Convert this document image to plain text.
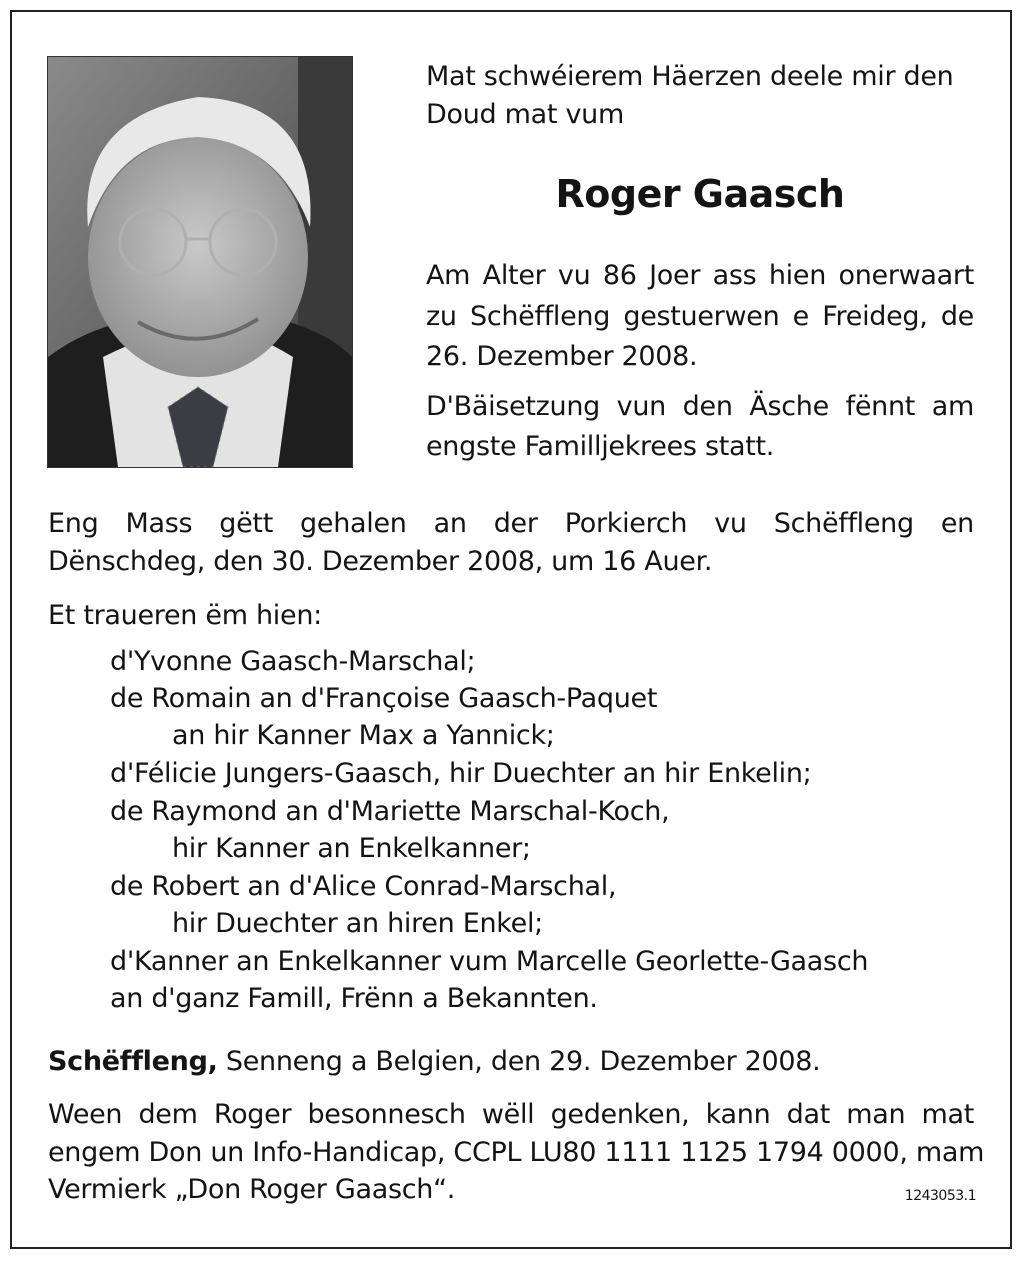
Mat schwéierem Häerzen deele mir den
Doud mat vum
Roger Gaasch
Am Alter vu 86 Joer ass hien onerwaart
zu Schëffleng gestuerwen e Freideg, de
26. Dezember 2008.
D'Bäisetzung vun den Äsche fënnt am
engste Familljekrees statt.
Eng Mass gëtt gehalen an der Porkierch vu Schëffleng en
Dënschdeg, den 30. Dezember 2008, um 16 Auer.
Et traueren ëm hien:
d'Yvonne Gaasch-Marschal;
de Romain an d'Françoise Gaasch-Paquet
an hir Kanner Max a Yannick;
d'Félicie Jungers-Gaasch, hir Duechter an hir Enkelin;
de Raymond an d'Mariette Marschal-Koch,
hir Kanner an Enkelkanner;
de Robert an d'Alice Conrad-Marschal,
hir Duechter an hiren Enkel;
d'Kanner an Enkelkanner vum Marcelle Georlette-Gaasch
an d'ganz Famill, Frënn a Bekannten.
Schëffleng, Senneng a Belgien, den 29. Dezember 2008.
Ween dem Roger besonnesch wëll gedenken, kann dat man mat
engem Don un Info-Handicap, CCPL LU80 1111 1125 1794 0000, mam
Vermierk „Don Roger Gaasch“.	1243053.1
